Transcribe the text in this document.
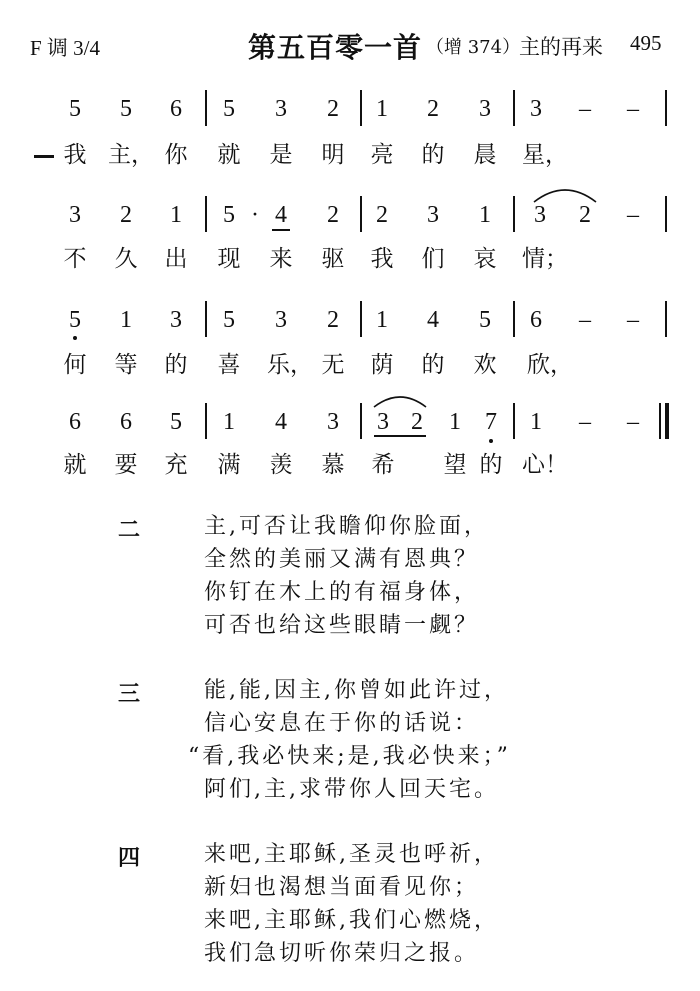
F 调 3/4	第五百零一首 （增 374）
主的再来 495
5	5	6	5	3	2	1	2	3	3	–	–
我 主， 你 就 是 明 亮 的 晨 星，
3	2	1	5 · 4	2	2	3	1	3	2	–
不 久 出 现 来 驱 我 们 哀 情；
5	1	3	5	3	2	1	4	5	6	–	–
何 等 的 喜 乐， 无 荫 的 欢 欣，
6	6	5	1	4	3	3 2	1	7	1	–	–
就 要 充 满 羡 慕 希 望 的 心！
二	主,可否让我瞻仰你脸面，
全然的美丽又满有恩典？
你钉在木上的有福身体，
可否也给这些眼睛一觑？
三	能,能,因主,你曾如此许过，
信心安息在于你的话说：
“看,我必快来;是,我必快来；”
阿们,主,求带你人回天宅。
四	来吧,主耶稣,圣灵也呼祈，
新妇也渴想当面看见你；
来吧,主耶稣,我们心燃烧，
我们急切听你荣归之报。
